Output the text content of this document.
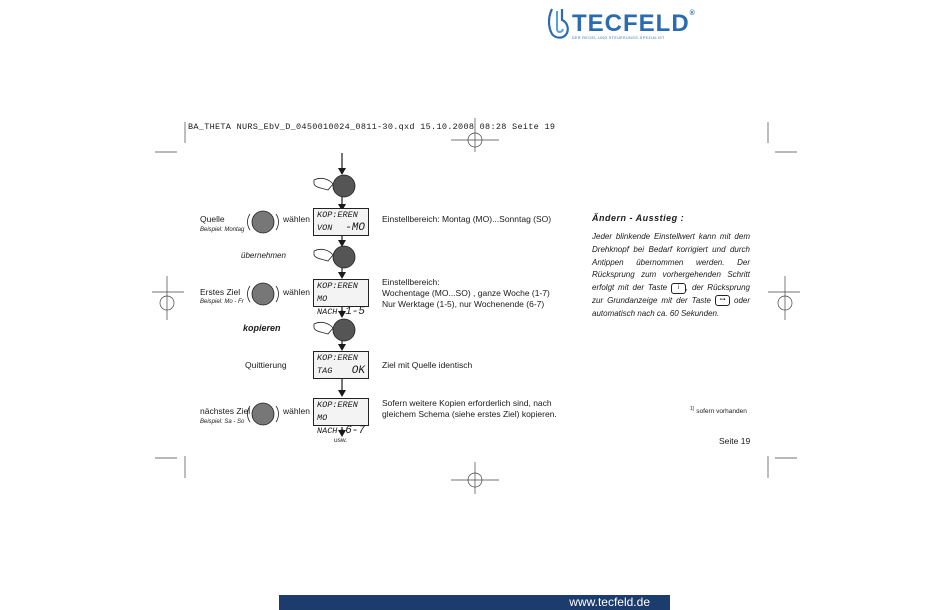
TECFELD®
DER REGEL-UND STEUERUNGS-SPEZIALIST
BA_THETA NURS_EbV_D_0450010024_0811-30.qxd 15.10.2008 08:28 Seite 19
Quelle
Beispiel: Montag
wählen KOP:EREN
VON -MO
Einstellbereich: Montag (MO)...Sonntag (SO)
übernehmen
Erstes Ziel
Beispiel: Mo - Fr
wählen
KOP:EREN MO
NACH -1-5
Einstellbereich:
Wochentage (MO...SO) , ganze Woche (1-7)
Nur Werktage (1-5), nur Wochenende (6-7)
kopieren
Quittierung
KOP:EREN
TAG OK Ziel mit Quelle identisch
nächstes Ziel
Beispiel: Sa - So
wählen
KOP:EREN MO
NACH -6-7
Sofern weitere Kopien erforderlich sind, nach
gleichem Schema (siehe erstes Ziel) kopieren.
usw.
Ändern - Ausstieg :
Jeder blinkende Einstellwert kann mit dem Drehknopf bei Bedarf korrigiert und durch Antippen übernommen werden. Der Rücksprung zum vorhergehenden Schritt erfolgt mit der Taste i , der Rücksprung zur Grundanzeige mit der Taste ⊶ oder automatisch nach ca. 60 Sekunden.
$^{1)}$ sofern vorhanden
Seite 19
www.tecfeld.de
